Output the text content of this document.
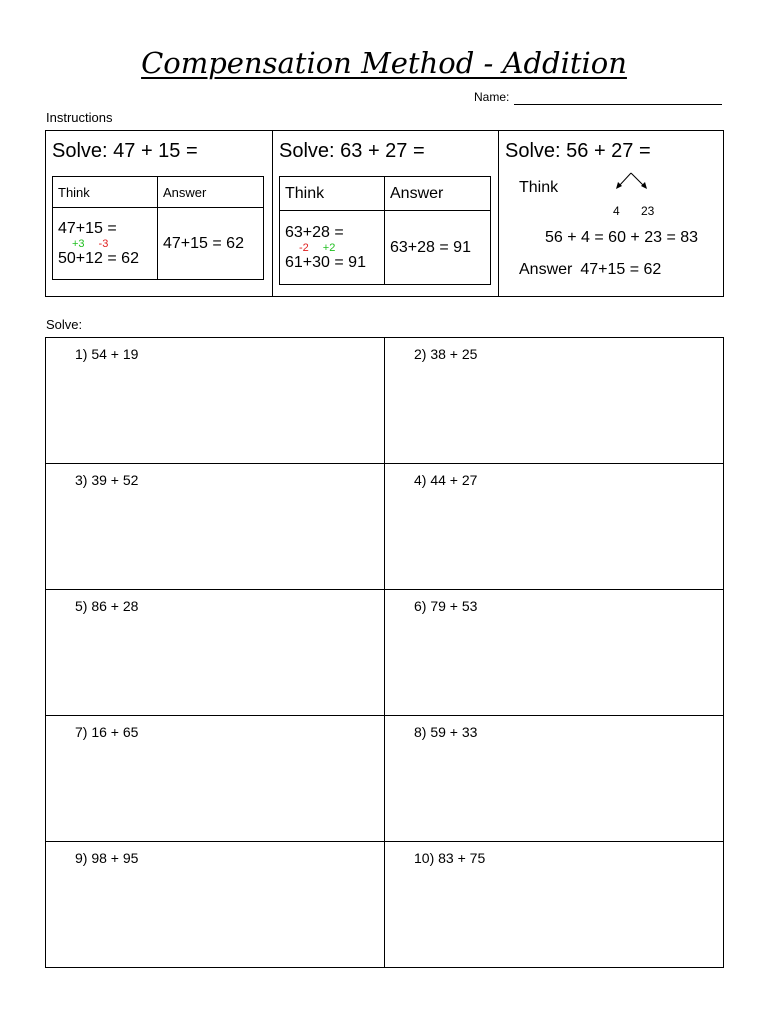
Compensation Method - Addition
Name:
Instructions
Solve: 47 + 15 =
Think	Answer

47+15 =
+3 -3
50+12 = 62	47+15 = 62
Solve: 63 + 27 =
Think	Answer

63+28 =
-2 +2
61+30 = 91	63+28 = 91
Solve: 56 + 27 =
Think
4 23
56 + 4 = 60 + 23 = 83
Answer 47+15 = 62
Solve:
1) 54 + 19	2) 38 + 25

3) 39 + 52	4) 44 + 27

5) 86 + 28	6) 79 + 53

7) 16 + 65	8) 59 + 33

9) 98 + 95	10) 83 + 75
